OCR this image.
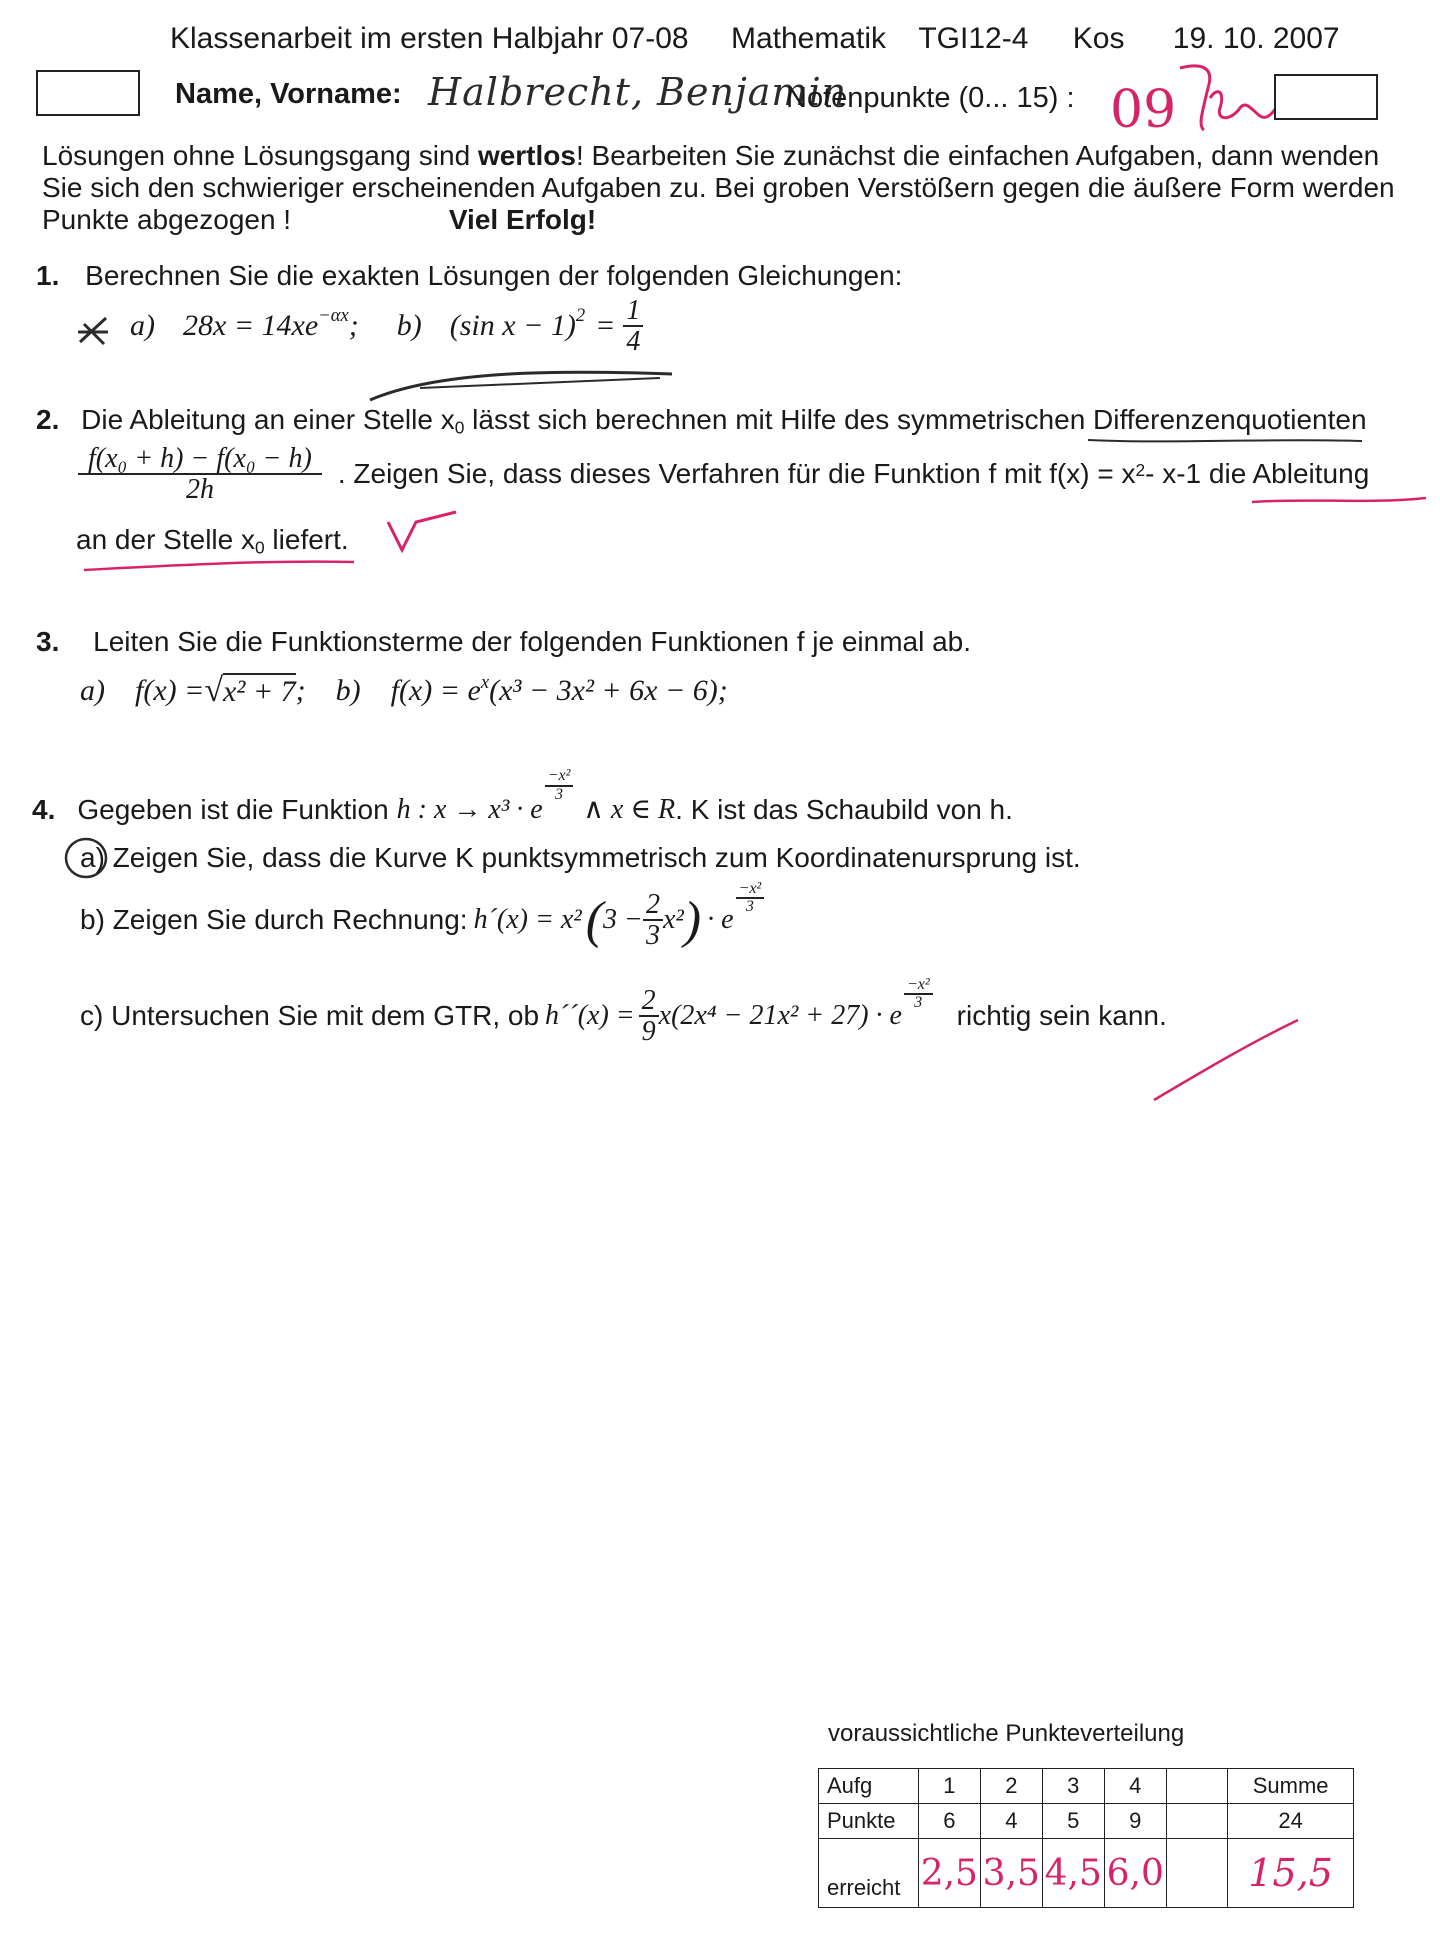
Klassenarbeit im ersten Halbjahr 07-08 Mathematik TGI12-4 Kos 19. 10. 2007
Name, Vorname: Halbrecht, Benjamin
Notenpunkte (0... 15) : 09
Lösungen ohne Lösungsgang sind wertlos! Bearbeiten Sie zunächst die einfachen Aufgaben, dann wenden
Sie sich den schwieriger erscheinenden Aufgaben zu. Bei groben Verstößern gegen die äußere Form werden
Punkte abgezogen !	Viel Erfolg!
1. Berechnen Sie die exakten Lösungen der folgenden Gleichungen:
a) $28x = 14xe^{-\alpha x}$ ; b) (sin $x - 1)^2 = \frac{1}{4}$
2. Die Ableitung an einer Stelle $x_0$ lässt sich berechnen mit Hilfe des symmetrischen Differenzenquotienten
$\frac{\text{f(x₀ + h) − f(x₀ − h)}}{2h}$ . Zeigen Sie, dass dieses Verfahren für die Funktion f mit $f(x) = x^2 - x-1$ die Ableitung
an der Stelle $x_0$ liefert.
3. Leiten Sie die Funktionsterme der folgenden Funktionen f je einmal ab.
a) f(x) = √ x² + 7 ; b) $f(x) = e^x$ (x³ − 3x² + 6x − 6);
4. Gegeben ist die Funktion h : x → x³ · e
$\frac{\text{−x²}}{3}$
∧ x ∈ R . K ist das Schaubild von h.
a) Zeigen Sie, dass die Kurve K punktsymmetrisch zum Koordinatenursprung ist.
b) Zeigen Sie durch Rechnung: h´(x) = x² ( $3 - \frac{2}{3} x^2$ ) · e
$\frac{\text{−x²}}{3}$
c) Untersuchen Sie mit dem GTR, ob h´´(x) = $\frac{2}{9} x(2x^4 - 21x^2 + 27) \cdot e$
$\frac{\text{−x²}}{3}$
richtig sein kann.
voraussichtliche Punkteverteilung
Aufg	1	2	3	4		Summe
Punkte	6	4	5	9		24
erreicht	2,5	3,5	4,5	6,0		15,5
